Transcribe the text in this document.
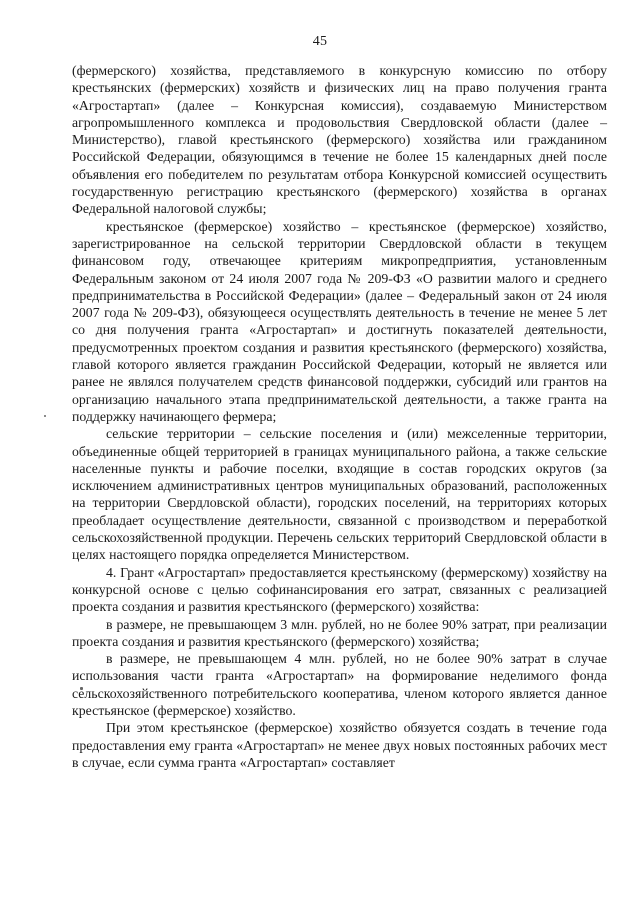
45

(фермерского) хозяйства, представляемого в конкурсную комиссию по отбору крестьянских (фермерских) хозяйств и физических лиц на право получения гранта «Агростартап» (далее – Конкурсная комиссия), создаваемую Министерством агропромышленного комплекса и продовольствия Свердловской области (далее – Министерство), главой крестьянского (фермерского) хозяйства или гражданином Российской Федерации, обязующимся в течение не более 15 календарных дней после объявления его победителем по результатам отбора Конкурсной комиссией осуществить государственную регистрацию крестьянского (фермерского) хозяйства в органах Федеральной налоговой службы;

крестьянское (фермерское) хозяйство – крестьянское (фермерское) хозяйство, зарегистрированное на сельской территории Свердловской области в текущем финансовом году, отвечающее критериям микропредприятия, установленным Федеральным законом от 24 июля 2007 года № 209-ФЗ «О развитии малого и среднего предпринимательства в Российской Федерации» (далее – Федеральный закон от 24 июля 2007 года № 209-ФЗ), обязующееся осуществлять деятельность в течение не менее 5 лет со дня получения гранта «Агростартап» и достигнуть показателей деятельности, предусмотренных проектом создания и развития крестьянского (фермерского) хозяйства, главой которого является гражданин Российской Федерации, который не является или ранее не являлся получателем средств финансовой поддержки, субсидий или грантов на организацию начального этапа предпринимательской деятельности, а также гранта на поддержку начинающего фермера;

сельские территории – сельские поселения и (или) межселенные территории, объединенные общей территорией в границах муниципального района, а также сельские населенные пункты и рабочие поселки, входящие в состав городских округов (за исключением административных центров муниципальных образований, расположенных на территории Свердловской области), городских поселений, на территориях которых преобладает осуществление деятельности, связанной с производством и переработкой сельскохозяйственной продукции. Перечень сельских территорий Свердловской области в целях настоящего порядка определяется Министерством.

4. Грант «Агростартап» предоставляется крестьянскому (фермерскому) хозяйству на конкурсной основе с целью софинансирования его затрат, связанных с реализацией проекта создания и развития крестьянского (фермерского) хозяйства:

в размере, не превышающем 3 млн. рублей, но не более 90% затрат, при реализации проекта создания и развития крестьянского (фермерского) хозяйства;

в размере, не превышающем 4 млн. рублей, но не более 90% затрат в случае использования части гранта «Агростартап» на формирование неделимого фонда сельскохозяйственного потребительского кооператива, членом которого является данное крестьянское (фермерское) хозяйство.

При этом крестьянское (фермерское) хозяйство обязуется создать в течение года предоставления ему гранта «Агростартап» не менее двух новых постоянных рабочих мест в случае, если сумма гранта «Агростартап» составляет
